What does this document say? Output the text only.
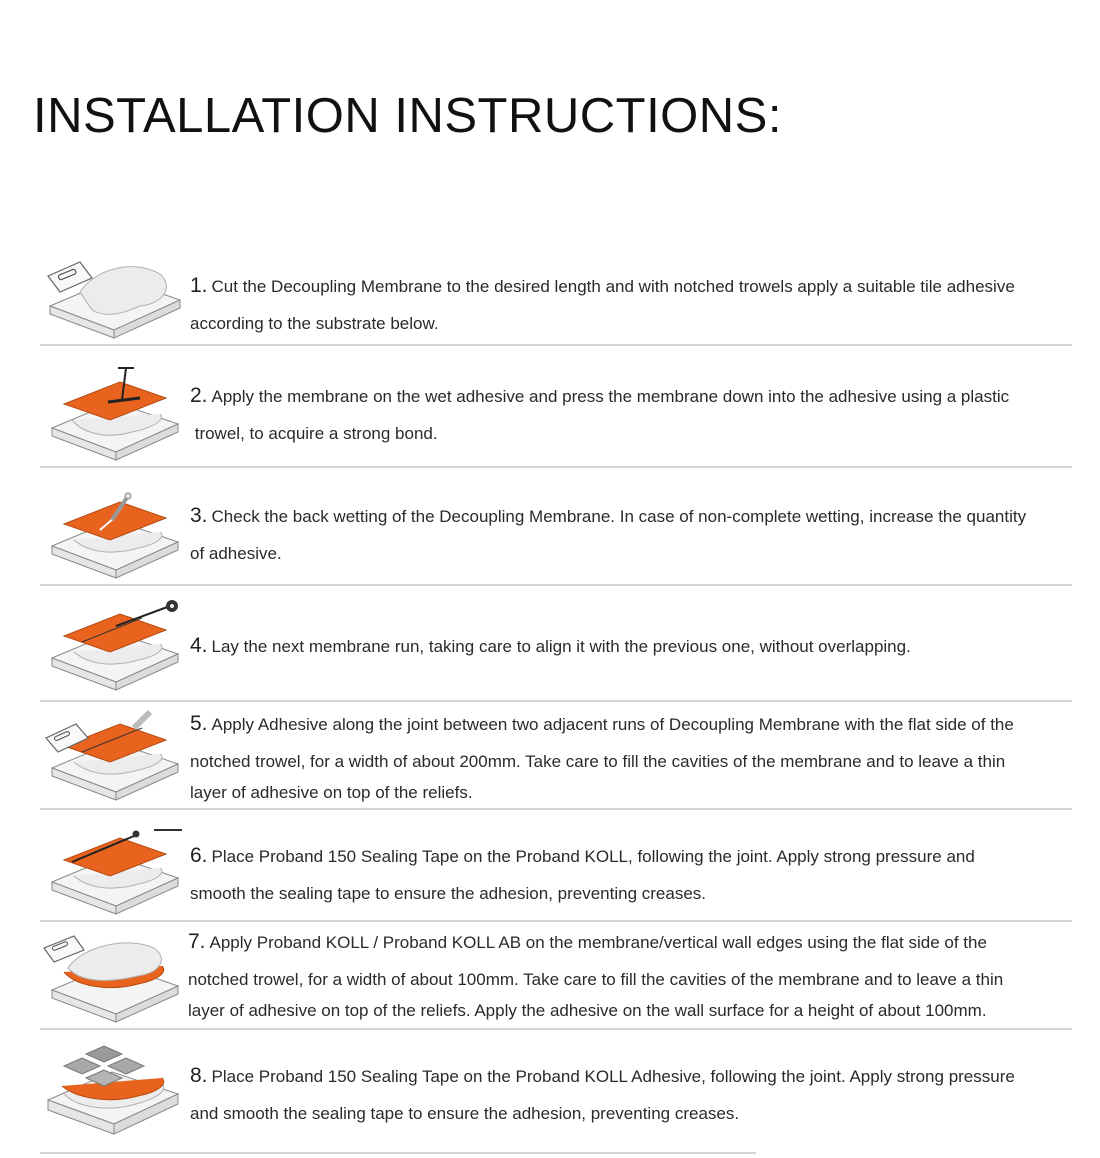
INSTALLATION INSTRUCTIONS:
1. Cut the Decoupling Membrane to the desired length and with notched trowels apply a suitable tile adhesive
according to the substrate below.
2. Apply the membrane on the wet adhesive and press the membrane down into the adhesive using a plastic
trowel, to acquire a strong bond.
3. Check the back wetting of the Decoupling Membrane. In case of non-complete wetting, increase the quantity
of adhesive.
4. Lay the next membrane run, taking care to align it with the previous one, without overlapping.
5. Apply Adhesive along the joint between two adjacent runs of Decoupling Membrane with the flat side of the
notched trowel, for a width of about 200mm. Take care to fill the cavities of the membrane and to leave a thin
layer of adhesive on top of the reliefs.
6. Place Proband 150 Sealing Tape on the Proband KOLL, following the joint. Apply strong pressure and
smooth the sealing tape to ensure the adhesion, preventing creases.
7. Apply Proband KOLL / Proband KOLL AB on the membrane/vertical wall edges using the flat side of the
notched trowel, for a width of about 100mm. Take care to fill the cavities of the membrane and to leave a thin
layer of adhesive on top of the reliefs. Apply the adhesive on the wall surface for a height of about 100mm.
8. Place Proband 150 Sealing Tape on the Proband KOLL Adhesive, following the joint. Apply strong pressure
and smooth the sealing tape to ensure the adhesion, preventing creases.
